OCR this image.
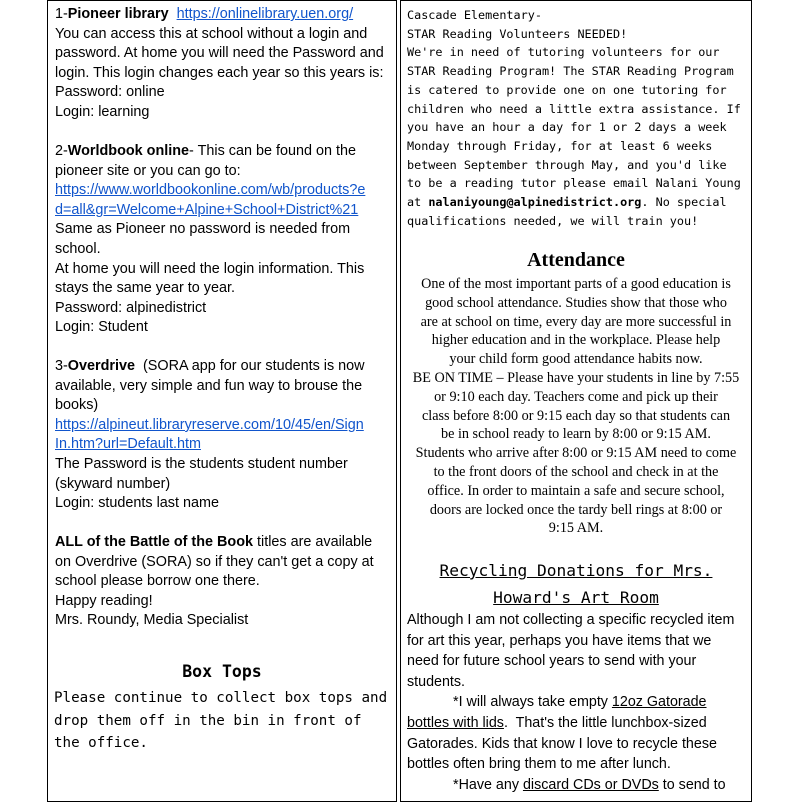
1-Pioneer library https://onlinelibrary.uen.org/
You can access this at school without a login and
password. At home you will need the Password and
login. This login changes each year so this years is:
Password: online
Login: learning
2-Worldbook online- This can be found on the
pioneer site or you can go to:
https://www.worldbookonline.com/wb/products?e
d=all&gr=Welcome+Alpine+School+District%21
Same as Pioneer no password is needed from
school.
At home you will need the login information. This
stays the same year to year.
Password: alpinedistrict
Login: Student
3-Overdrive  (SORA app for our students is now
available, very simple and fun way to brouse the
books)
https://alpineut.libraryreserve.com/10/45/en/Sign
In.htm?url=Default.htm
The Password is the students student number
(skyward number)
Login: students last name
ALL of the Battle of the Book titles are available
on Overdrive (SORA) so if they can't get a copy at
school please borrow one there.
Happy reading!
Mrs. Roundy, Media Specialist
Box Tops
Please continue to collect box tops and
drop them off in the bin in front of
the office.
Cascade Elementary-
STAR Reading Volunteers NEEDED!
We're in need of tutoring volunteers for our
STAR Reading Program! The STAR Reading Program
is catered to provide one on one tutoring for
children who need a little extra assistance. If
you have an hour a day for 1 or 2 days a week
Monday through Friday, for at least 6 weeks
between September through May, and you'd like
to be a reading tutor please email Nalani Young
at nalaniyoung@alpinedistrict.org. No special
qualifications needed, we will train you!
Attendance
One of the most important parts of a good education is
good school attendance. Studies show that those who
are at school on time, every day are more successful in
higher education and in the workplace. Please help
your child form good attendance habits now.
BE ON TIME – Please have your students in line by 7:55
or 9:10 each day. Teachers come and pick up their
class before 8:00 or 9:15 each day so that students can
be in school ready to learn by 8:00 or 9:15 AM.
Students who arrive after 8:00 or 9:15 AM need to come
to the front doors of the school and check in at the
office. In order to maintain a safe and secure school,
doors are locked once the tardy bell rings at 8:00 or
9:15 AM.
Recycling Donations for Mrs.
Howard's Art Room
Although I am not collecting a specific recycled item
for art this year, perhaps you have items that we
need for future school years to send with your
students.
*I will always take empty 12oz Gatorade
bottles with lids.  That's the little lunchbox-sized
Gatorades. Kids that know I love to recycle these
bottles often bring them to me after lunch.
*Have any discard CDs or DVDs to send to
